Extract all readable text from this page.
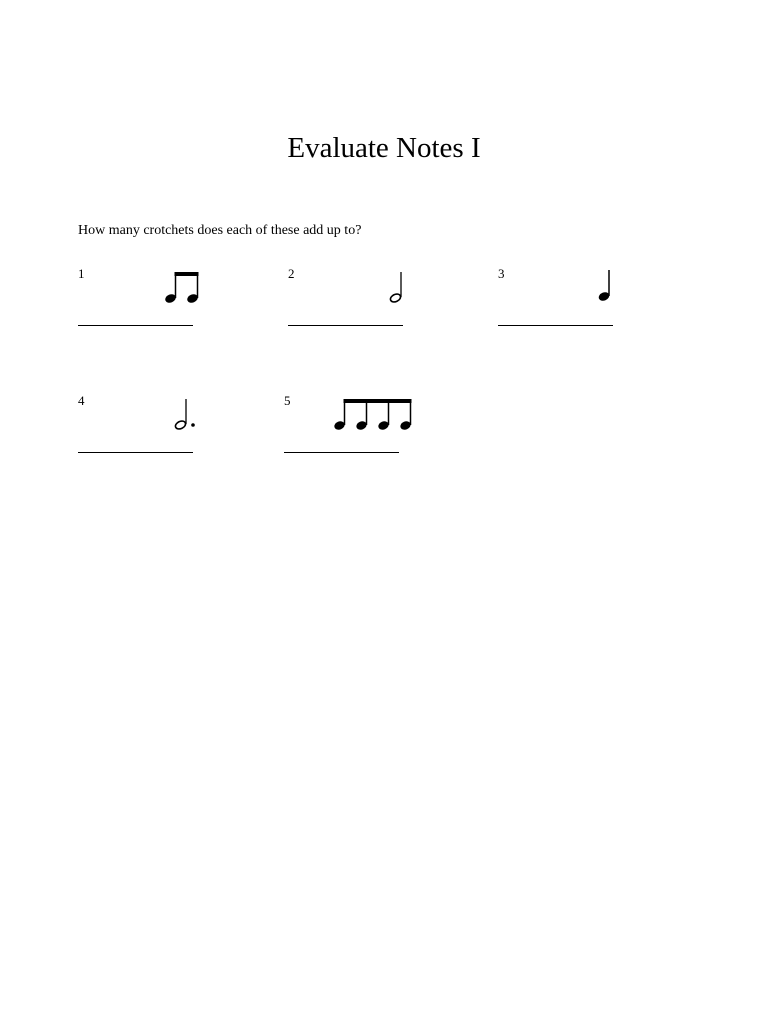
Evaluate Notes I
How many crotchets does each of these add up to?
1	2	3
4	5
